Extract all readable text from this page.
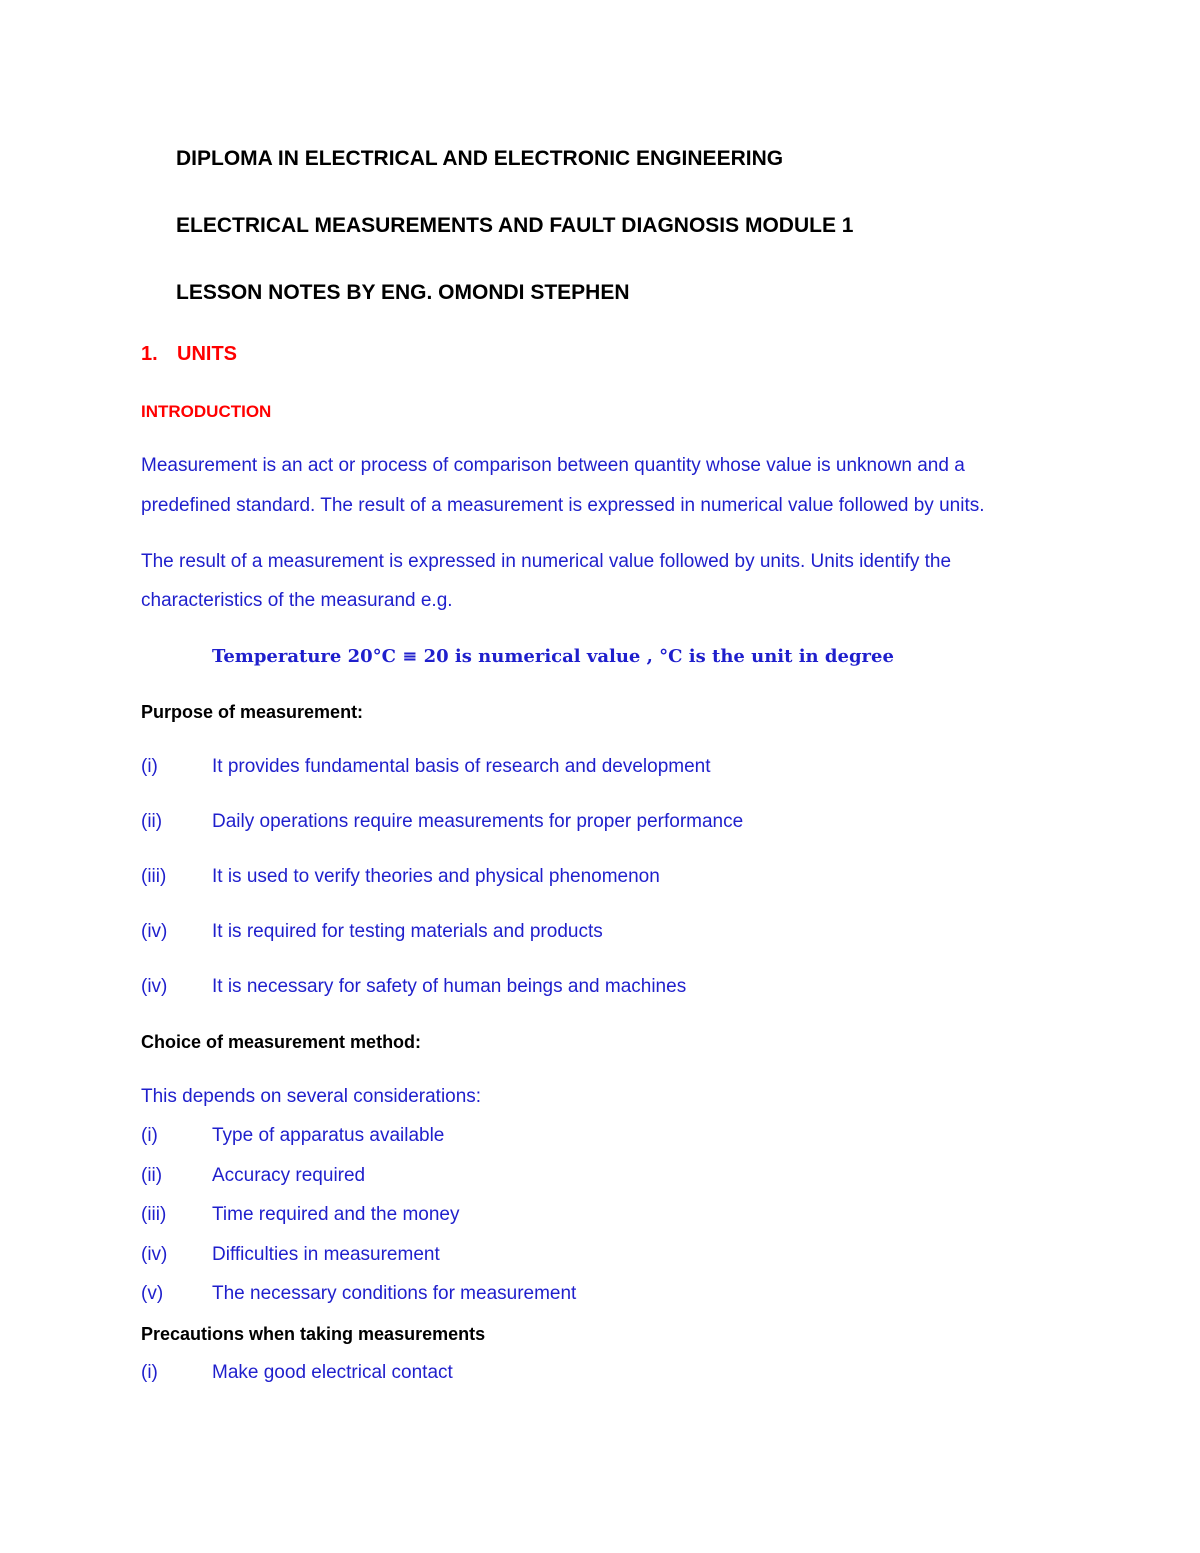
DIPLOMA IN ELECTRICAL AND ELECTRONIC ENGINEERING
ELECTRICAL MEASUREMENTS AND FAULT DIAGNOSIS MODULE 1
LESSON NOTES BY ENG. OMONDI STEPHEN
1. UNITS
INTRODUCTION
Measurement is an act or process of comparison between quantity whose value is unknown and a
predefined standard. The result of a measurement is expressed in numerical value followed by units.
The result of a measurement is expressed in numerical value followed by units. Units identify the
characteristics of the measurand e.g.
Temperature 20°C ≡ 20 is numerical value , °C is the unit in degree
Purpose of measurement:
(i)	It provides fundamental basis of research and development
(ii)	Daily operations require measurements for proper performance
(iii) It is used to verify theories and physical phenomenon
(iv) It is required for testing materials and products
(iv) It is necessary for safety of human beings and machines
Choice of measurement method:
This depends on several considerations:
(i)	Type of apparatus available
(ii)	Accuracy required
(iii) Time required and the money
(iv) Difficulties in measurement
(v)	The necessary conditions for measurement
Precautions when taking measurements
(i)	Make good electrical contact
